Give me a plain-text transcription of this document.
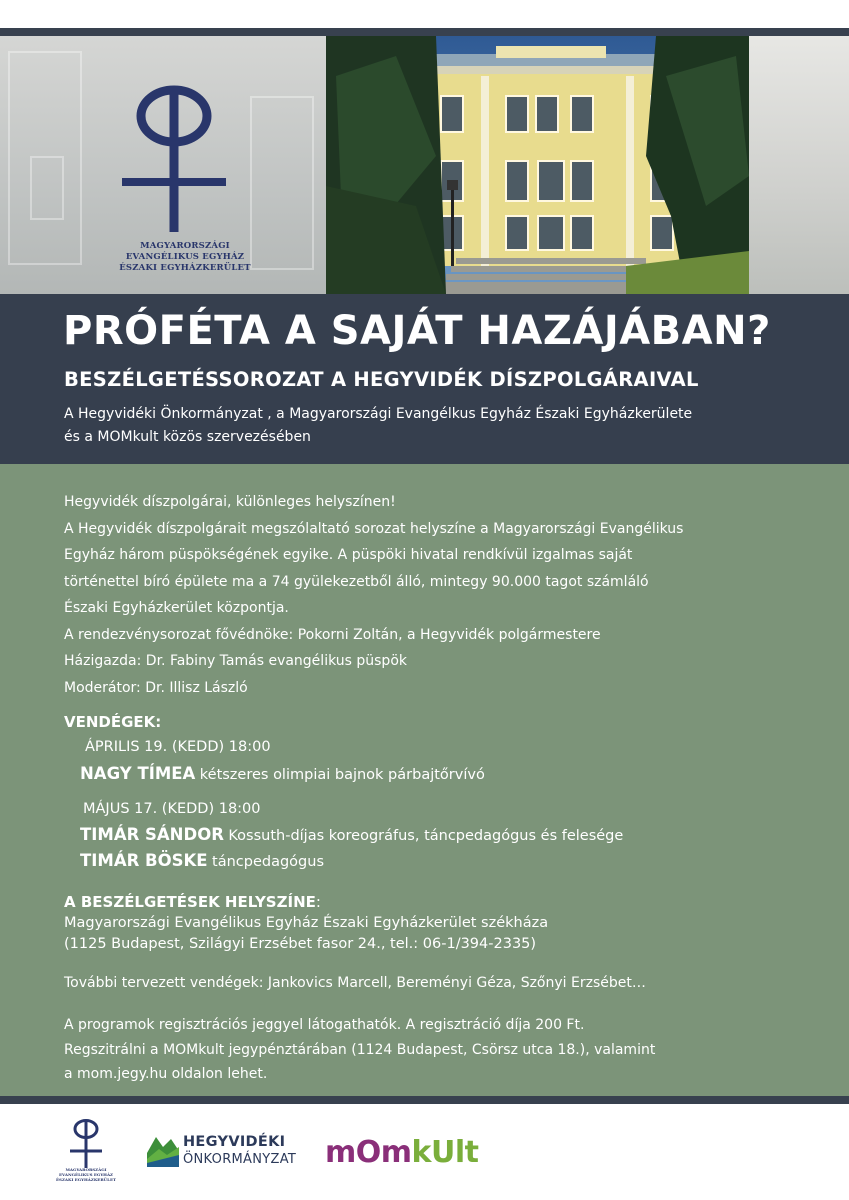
MAGYARORSZÁGI
EVANGÉLIKUS EGYHÁZ
ÉSZAKI EGYHÁZKERÜLET
PRÓFÉTA A SAJÁT HAZÁJÁBAN?
BESZÉLGETÉSSOROZAT A HEGYVIDÉK DÍSZPOLGÁRAIVAL
A Hegyvidéki Önkormányzat , a Magyarországi Evangélkus Egyház Északi Egyházkerülete
és a MOMkult közös szervezésében
Hegyvidék díszpolgárai, különleges helyszínen!
A Hegyvidék díszpolgárait megszólaltató sorozat helyszíne a Magyarországi Evangélikus
Egyház három püspökségének egyike. A püspöki hivatal rendkívül izgalmas saját
történettel bíró épülete ma a 74 gyülekezetből álló, mintegy 90.000 tagot számláló
Északi Egyházkerület központja.
A rendezvénysorozat fővédnöke: Pokorni Zoltán, a Hegyvidék polgármestere
Házigazda: Dr. Fabiny Tamás evangélikus püspök
Moderátor: Dr. Illisz László
VENDÉGEK:
ÁPRILIS 19. (KEDD) 18:00
NAGY TÍMEA kétszeres olimpiai bajnok párbajtőrvívó
MÁJUS 17. (KEDD) 18:00
TIMÁR SÁNDOR Kossuth-díjas koreográfus, táncpedagógus és felesége
TIMÁR BÖSKE táncpedagógus
A BESZÉLGETÉSEK HELYSZÍNE:
Magyarországi Evangélikus Egyház Északi Egyházkerület székháza
(1125 Budapest, Szilágyi Erzsébet fasor 24., tel.: 06-1/394-2335)
További tervezett vendégek: Jankovics Marcell, Bereményi Géza, Szőnyi Erzsébet…
A programok regisztrációs jeggyel látogathatók. A regisztráció díja 200 Ft.
Regszitrálni a MOMkult jegypénztárában (1124 Budapest, Csörsz utca 18.), valamint
a mom.jegy.hu oldalon lehet.
MAGYARORSZÁGI
EVANGÉLIKUS EGYHÁZ
ÉSZAKI EGYHÁZKERÜLET
HEGYVIDÉKI
ÖNKORMÁNYZAT mOmkUlt
